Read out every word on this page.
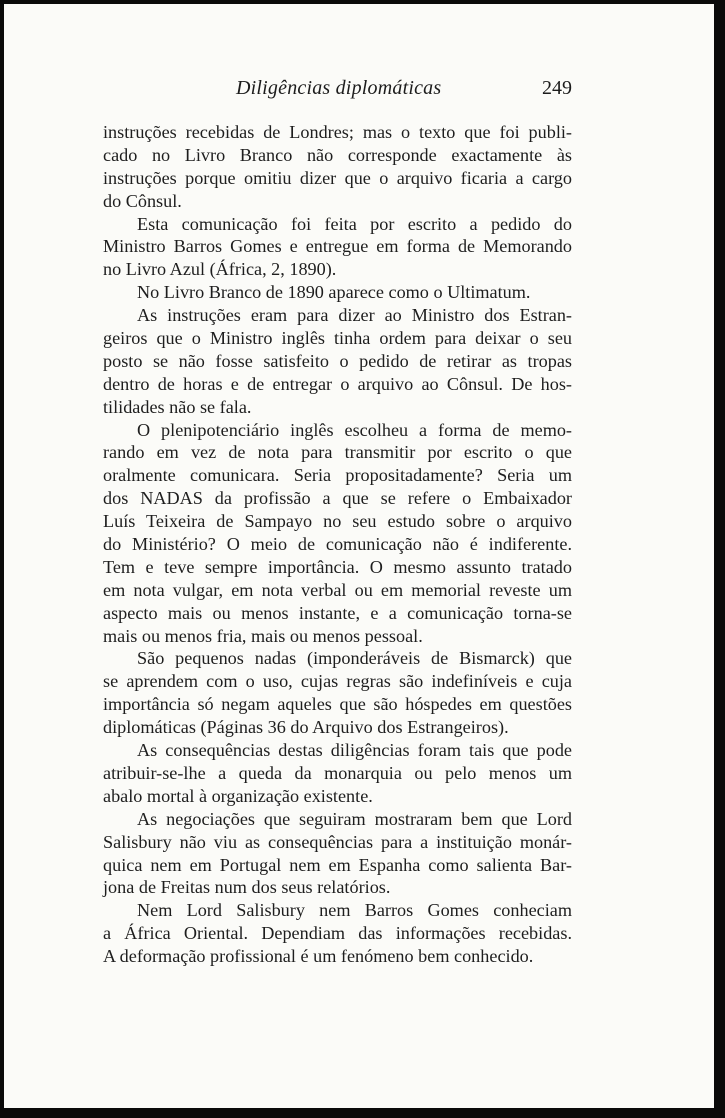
Diligências diplomáticas	249
instruções recebidas de Londres; mas o texto que foi publi-
cado no Livro Branco não corresponde exactamente às
instruções porque omitiu dizer que o arquivo ficaria a cargo
do Cônsul.
Esta comunicação foi feita por escrito a pedido do
Ministro Barros Gomes e entregue em forma de Memorando
no Livro Azul (África, 2, 1890).
No Livro Branco de 1890 aparece como o Ultimatum.
As instruções eram para dizer ao Ministro dos Estran-
geiros que o Ministro inglês tinha ordem para deixar o seu
posto se não fosse satisfeito o pedido de retirar as tropas
dentro de horas e de entregar o arquivo ao Cônsul. De hos-
tilidades não se fala.
O plenipotenciário inglês escolheu a forma de memo-
rando em vez de nota para transmitir por escrito o que
oralmente comunicara. Seria propositadamente? Seria um
dos NADAS da profissão a que se refere o Embaixador
Luís Teixeira de Sampayo no seu estudo sobre o arquivo
do Ministério? O meio de comunicação não é indiferente.
Tem e teve sempre importância. O mesmo assunto tratado
em nota vulgar, em nota verbal ou em memorial reveste um
aspecto mais ou menos instante, e a comunicação torna-se
mais ou menos fria, mais ou menos pessoal.
São pequenos nadas (imponderáveis de Bismarck) que
se aprendem com o uso, cujas regras são indefiníveis e cuja
importância só negam aqueles que são hóspedes em questões
diplomáticas (Páginas 36 do Arquivo dos Estrangeiros).
As consequências destas diligências foram tais que pode
atribuir-se-lhe a queda da monarquia ou pelo menos um
abalo mortal à organização existente.
As negociações que seguiram mostraram bem que Lord
Salisbury não viu as consequências para a instituição monár-
quica nem em Portugal nem em Espanha como salienta Bar-
jona de Freitas num dos seus relatórios.
Nem Lord Salisbury nem Barros Gomes conheciam
a África Oriental. Dependiam das informações recebidas.
A deformação profissional é um fenómeno bem conhecido.
